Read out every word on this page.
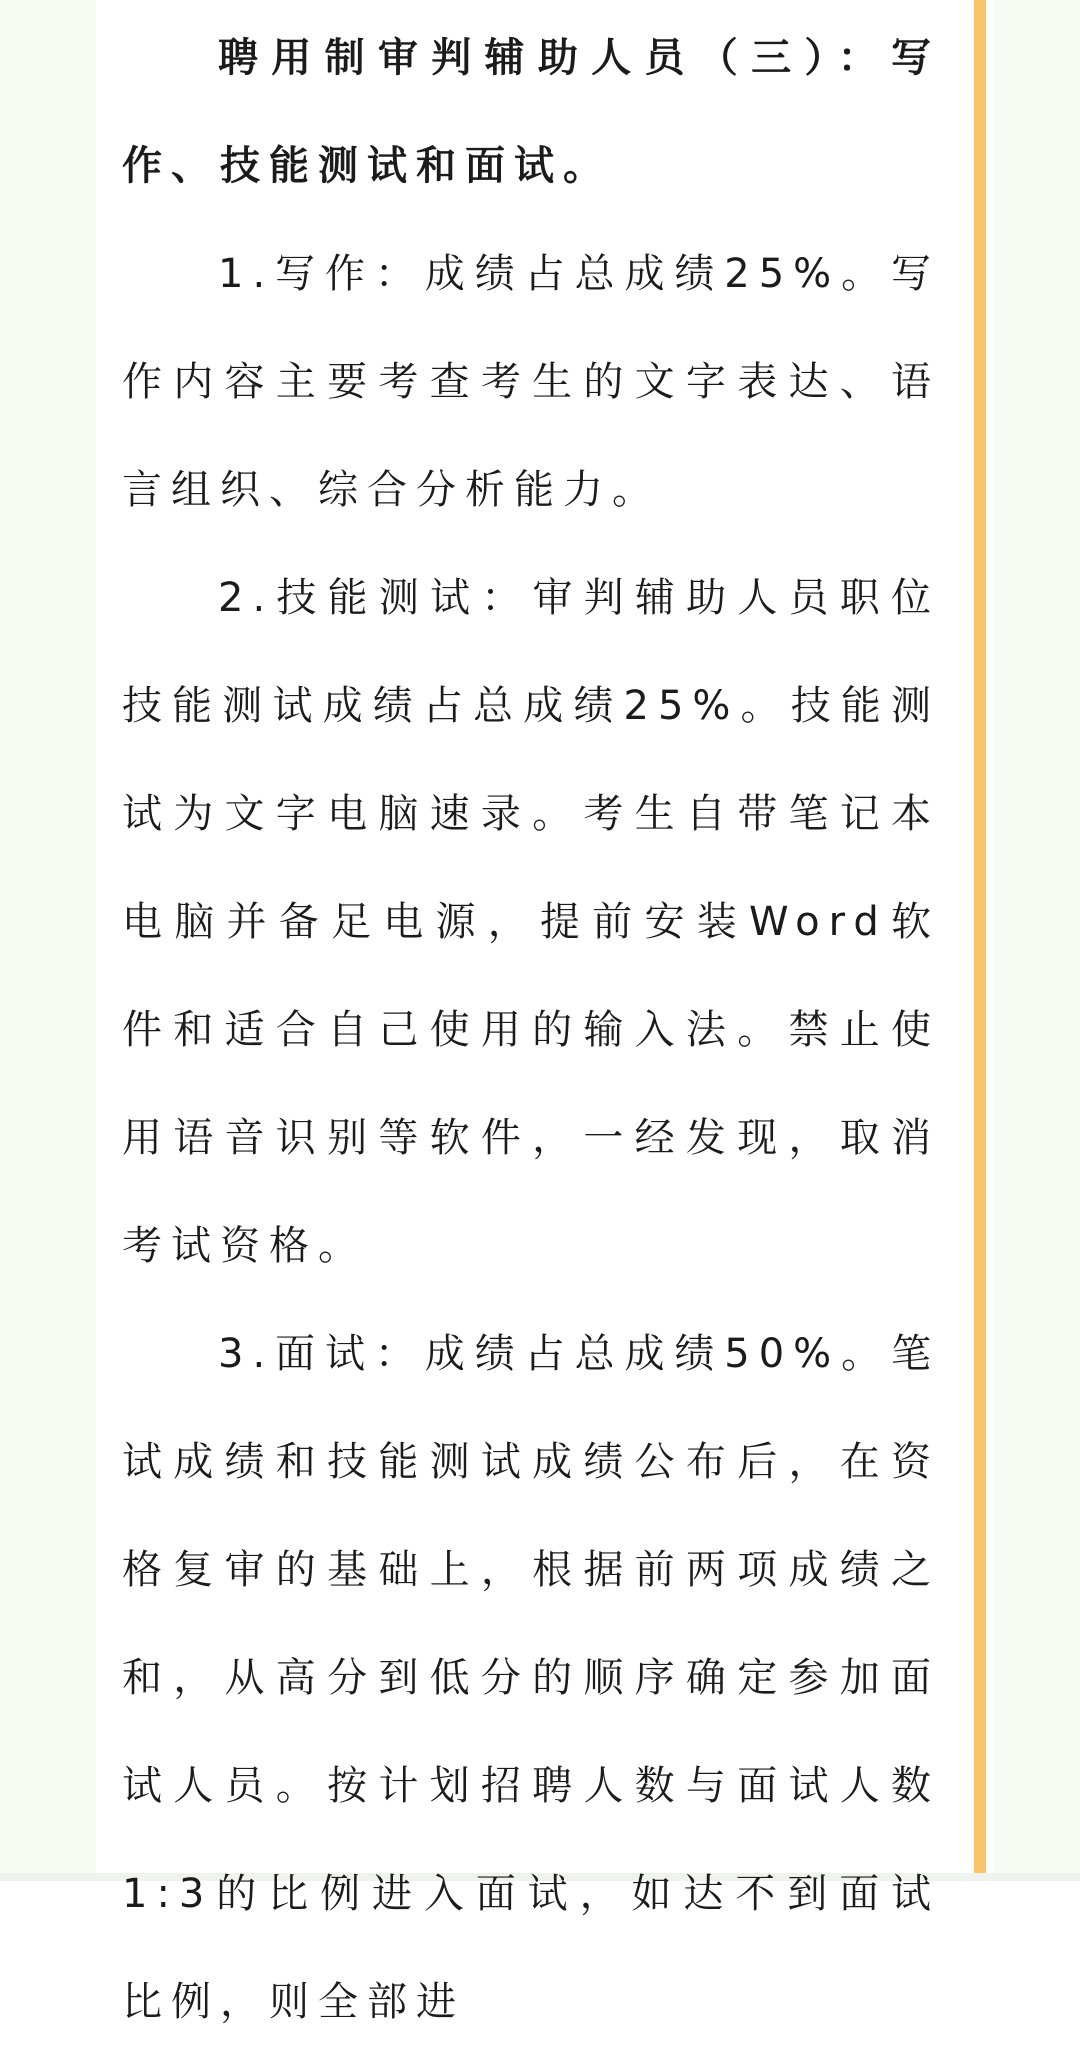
聘用制审判辅助人员（三）：写作、技能测试和面试。

1.写作：成绩占总成绩25%。写作内容主要考查考生的文字表达、语言组织、综合分析能力。

2.技能测试：审判辅助人员职位技能测试成绩占总成绩25%。技能测试为文字电脑速录。考生自带笔记本电脑并备足电源，提前安装Word软件和适合自己使用的输入法。禁止使用语音识别等软件，一经发现，取消考试资格。

3.面试：成绩占总成绩50%。笔试成绩和技能测试成绩公布后，在资格复审的基础上，根据前两项成绩之和，从高分到低分的顺序确定参加面试人员。按计划招聘人数与面试人数1:3的比例进入面试，如达不到面试比例，则全部进
